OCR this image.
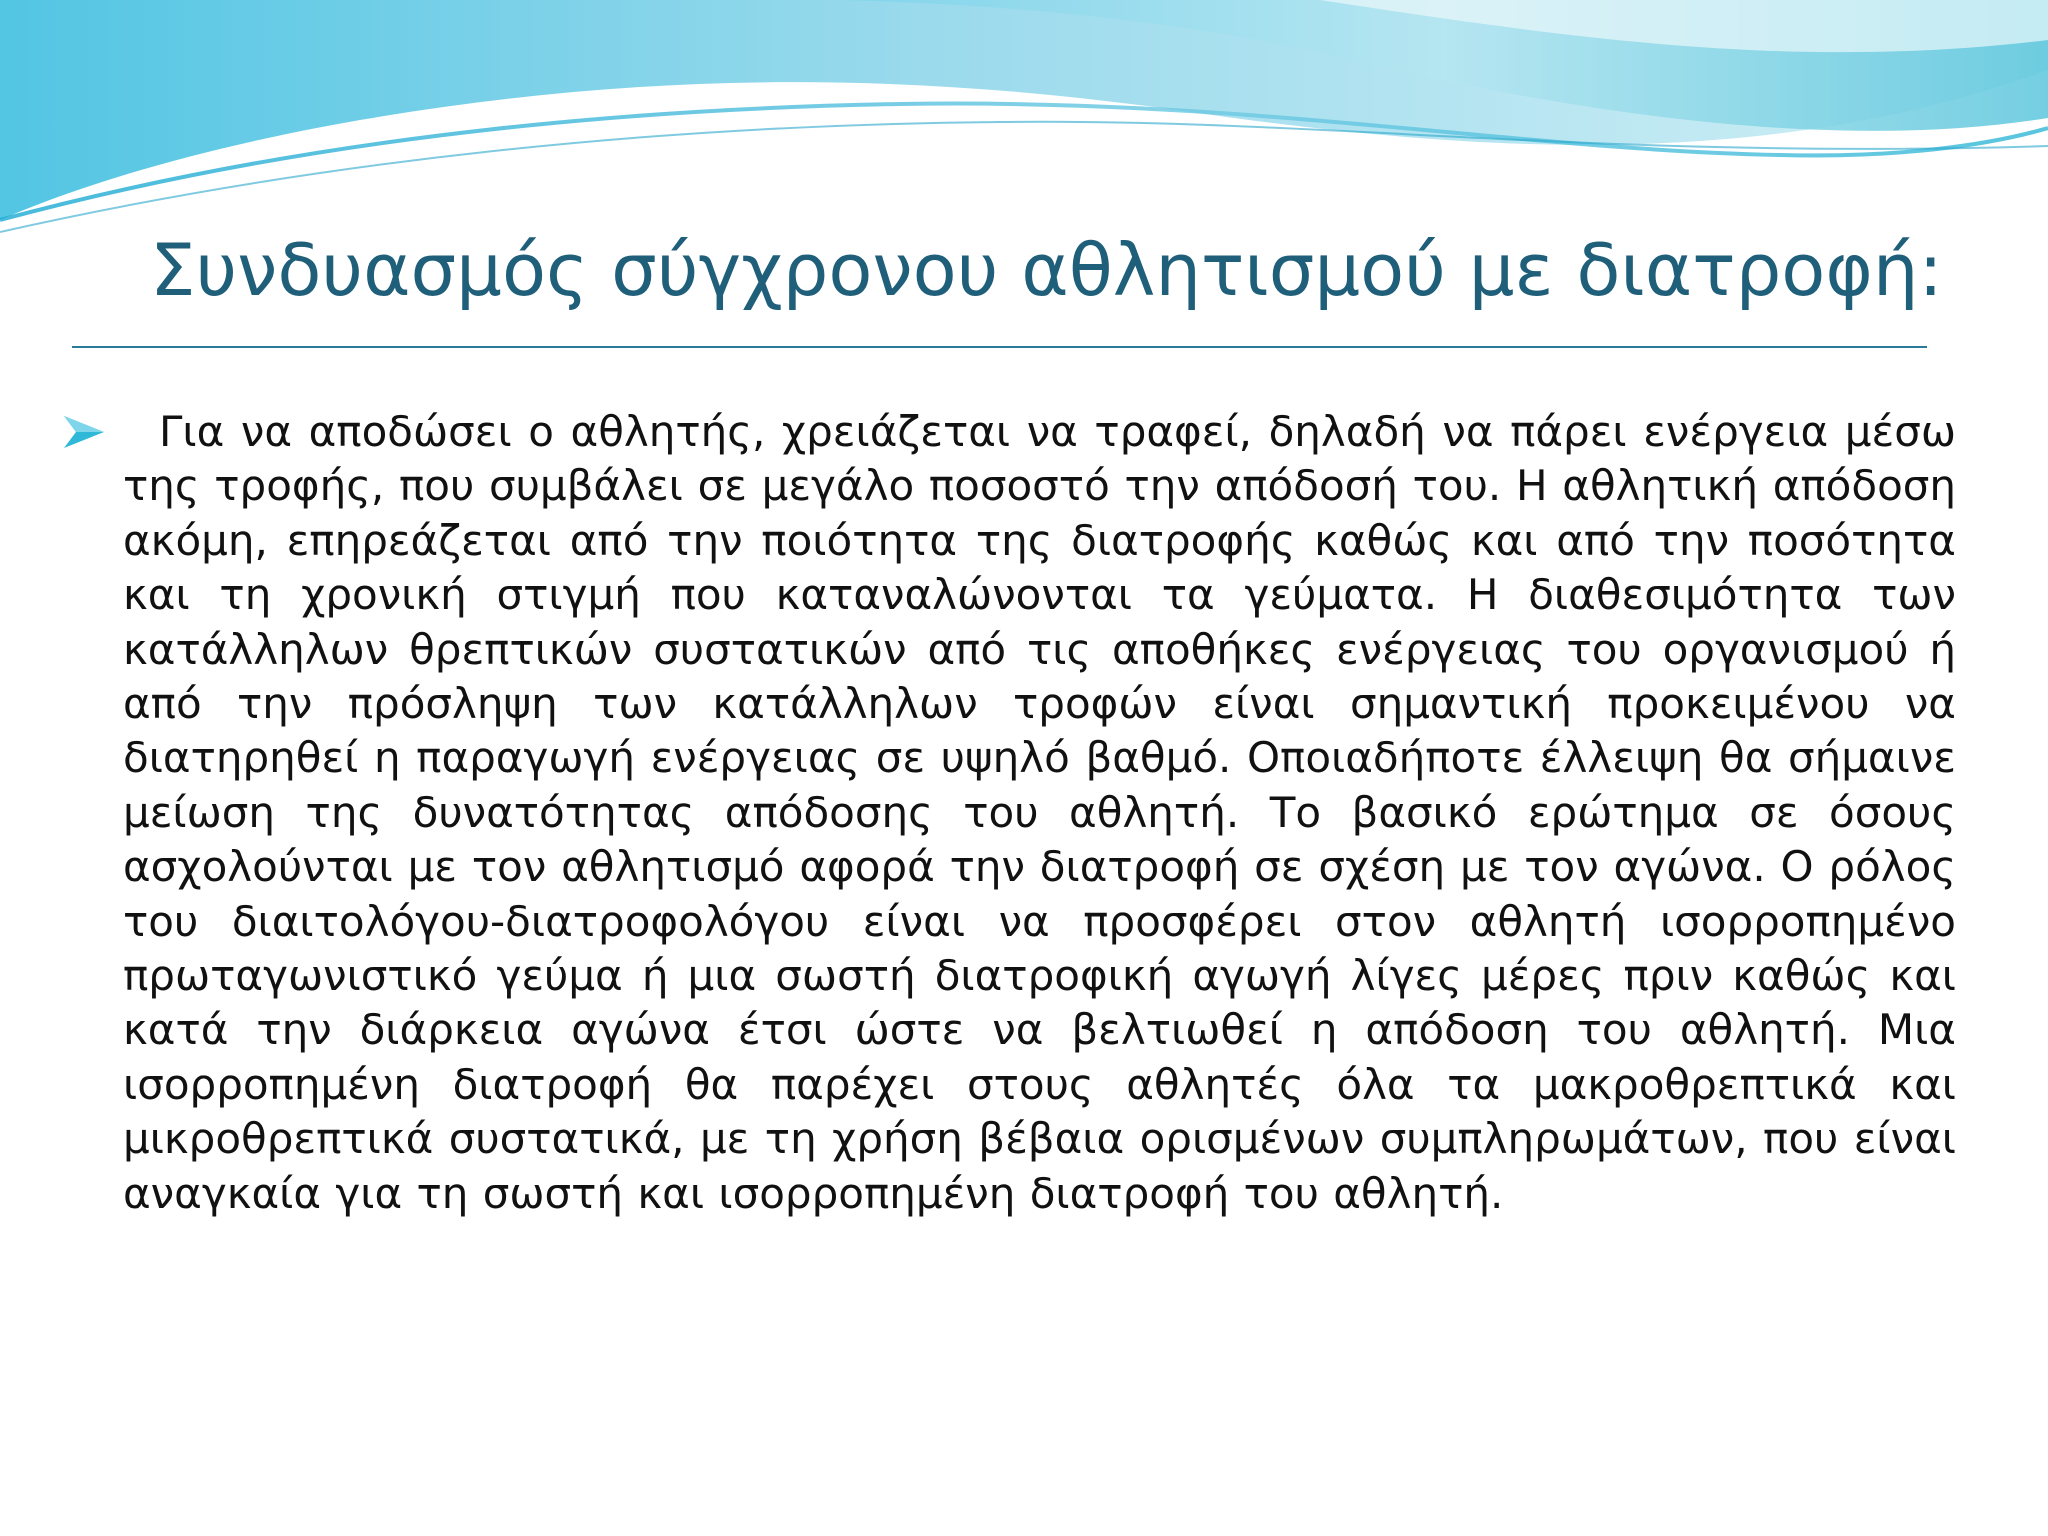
Συνδυασμός σύγχρονου αθλητισμού με διατροφή:

Για να αποδώσει ο αθλητής, χρειάζεται να τραφεί, δηλαδή να πάρει ενέργεια μέσω της τροφής, που συμβάλει σε μεγάλο ποσοστό την απόδοσή του. Η αθλητική απόδοση ακόμη, επηρεάζεται από την ποιότητα της διατροφής καθώς και από την ποσότητα και τη χρονική στιγμή που καταναλώνονται τα γεύματα. Η διαθεσιμότητα των κατάλληλων θρεπτικών συστατικών από τις αποθήκες ενέργειας του οργανισμού ή από την πρόσληψη των κατάλληλων τροφών είναι σημαντική προκειμένου να διατηρηθεί η παραγωγή ενέργειας σε υψηλό βαθμό. Οποιαδήποτε έλλειψη θα σήμαινε μείωση της δυνατότητας απόδοσης του αθλητή. Το βασικό ερώτημα σε όσους ασχολούνται με τον αθλητισμό αφορά την διατροφή σε σχέση με τον αγώνα. Ο ρόλος του διαιτολόγου-διατροφολόγου είναι να προσφέρει στον αθλητή ισορροπημένο πρωταγωνιστικό γεύμα ή μια σωστή διατροφική αγωγή λίγες μέρες πριν καθώς και κατά την διάρκεια αγώνα έτσι ώστε να βελτιωθεί η απόδοση του αθλητή. Μια ισορροπημένη διατροφή θα παρέχει στους αθλητές όλα τα μακροθρεπτικά και μικροθρεπτικά συστατικά, με τη χρήση βέβαια ορισμένων συμπληρωμάτων, που είναι αναγκαία για τη σωστή και ισορροπημένη διατροφή του αθλητή.
